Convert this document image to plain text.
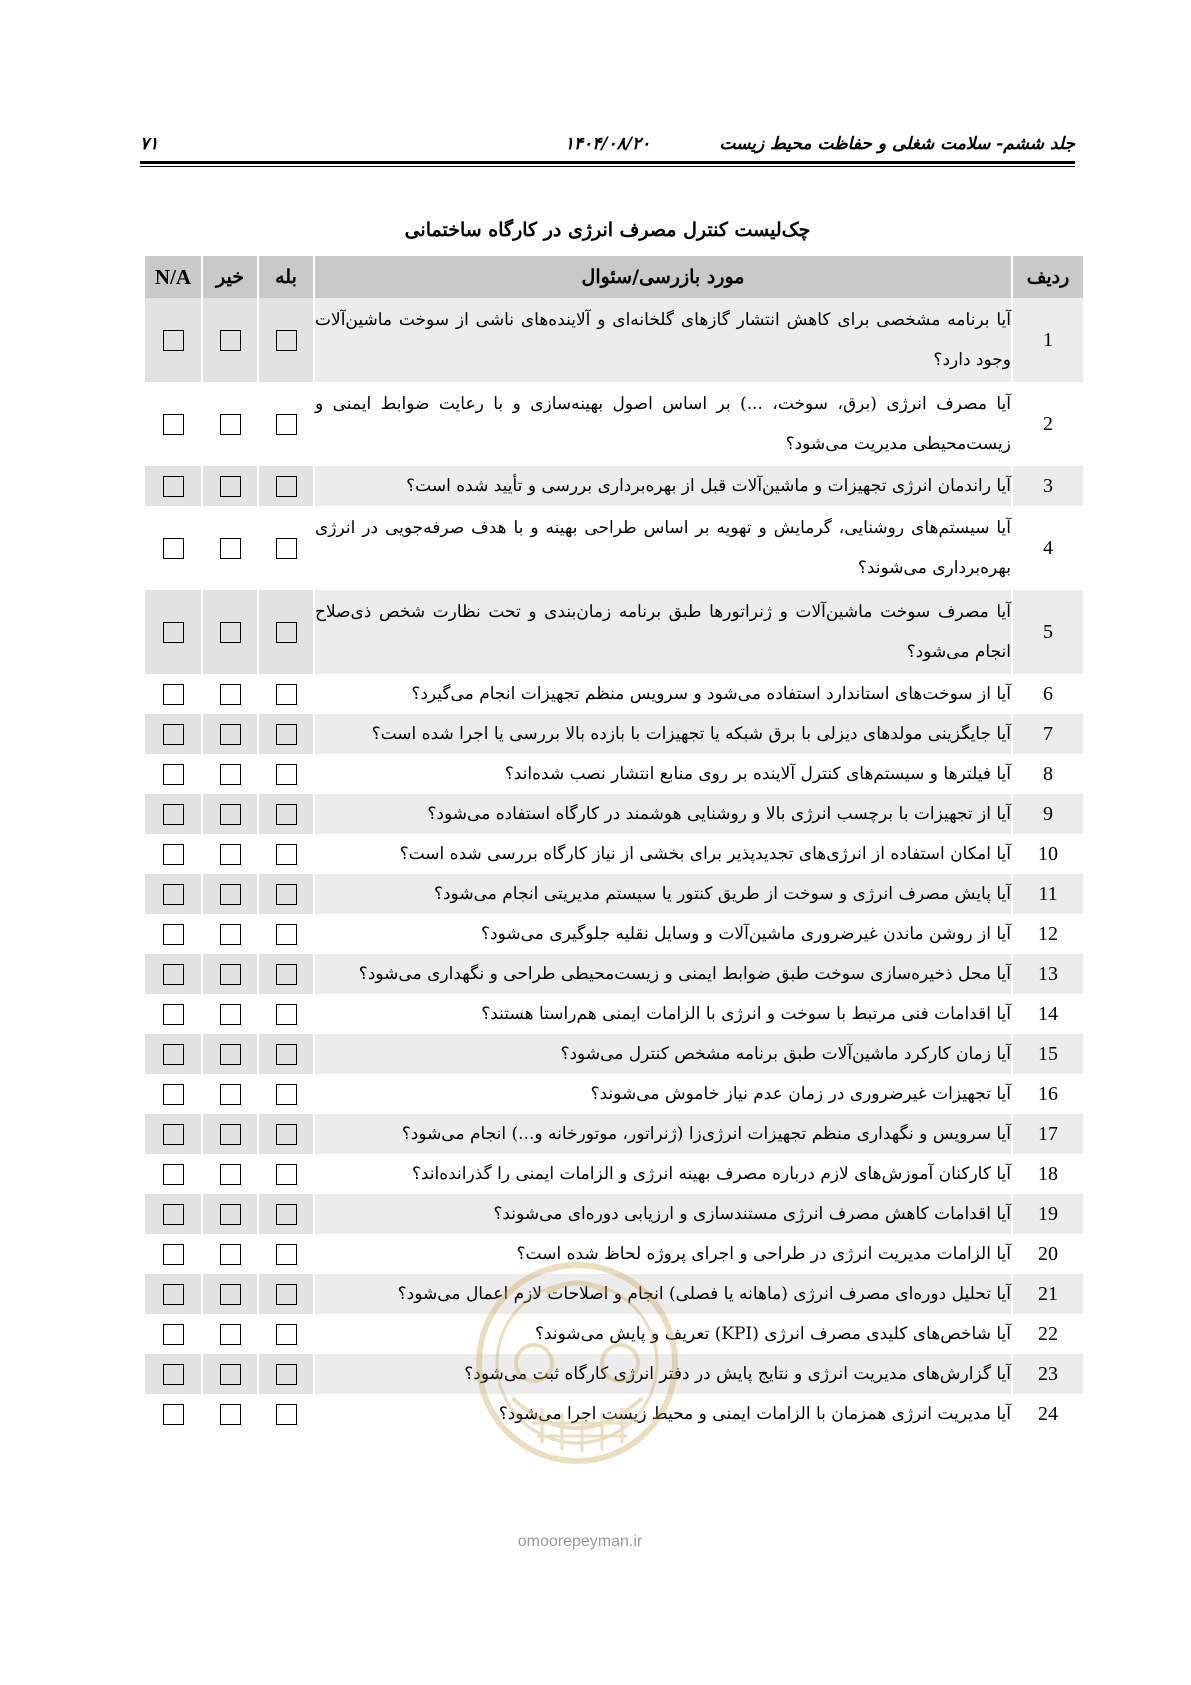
جلد ششم- سلامت شغلی و حفاظت محیط زیست
۱۴۰۴/۰۸/۲۰
۷۱
چک‌لیست کنترل مصرف انرژی در کارگاه ساختمانی
ردیف	مورد بازرسی/سئوال	بله	خیر	N/A
1	آیا برنامه مشخصی برای کاهش انتشار گازهای گلخانه‌ای و آلاینده‌های ناشی از سوخت ماشین‌آلات وجود دارد؟			
2	آیا مصرف انرژی (برق، سوخت، ...) بر اساس اصول بهینه‌سازی و با رعایت ضوابط ایمنی و زیست‌محیطی مدیریت می‌شود؟			
3	آیا راندمان انرژی تجهیزات و ماشین‌آلات قبل از بهره‌برداری بررسی و تأیید شده است؟			
4	آیا سیستم‌های روشنایی، گرمایش و تهویه بر اساس طراحی بهینه و با هدف صرفه‌جویی در انرژی بهره‌برداری می‌شوند؟			
5	آیا مصرف سوخت ماشین‌آلات و ژنراتورها طبق برنامه زمان‌بندی و تحت نظارت شخص ذی‌صلاح انجام می‌شود؟			
6	آیا از سوخت‌های استاندارد استفاده می‌شود و سرویس منظم تجهیزات انجام می‌گیرد؟			
7	آیا جایگزینی مولدهای دیزلی با برق شبکه یا تجهیزات با بازده بالا بررسی یا اجرا شده است؟			
8	آیا فیلترها و سیستم‌های کنترل آلاینده بر روی منابع انتشار نصب شده‌اند؟			
9	آیا از تجهیزات با برچسب انرژی بالا و روشنایی هوشمند در کارگاه استفاده می‌شود؟			
10	آیا امکان استفاده از انرژی‌های تجدیدپذیر برای بخشی از نیاز کارگاه بررسی شده است؟			
11	آیا پایش مصرف انرژی و سوخت از طریق کنتور یا سیستم مدیریتی انجام می‌شود؟			
12	آیا از روشن ماندن غیرضروری ماشین‌آلات و وسایل نقلیه جلوگیری می‌شود؟			
13	آیا محل ذخیره‌سازی سوخت طبق ضوابط ایمنی و زیست‌محیطی طراحی و نگهداری می‌شود؟			
14	آیا اقدامات فنی مرتبط با سوخت و انرژی با الزامات ایمنی هم‌راستا هستند؟			
15	آیا زمان کارکرد ماشین‌آلات طبق برنامه مشخص کنترل می‌شود؟			
16	آیا تجهیزات غیرضروری در زمان عدم نیاز خاموش می‌شوند؟			
17	آیا سرویس و نگهداری منظم تجهیزات انرژی‌زا (ژنراتور، موتورخانه و...) انجام می‌شود؟			
18	آیا کارکنان آموزش‌های لازم درباره مصرف بهینه انرژی و الزامات ایمنی را گذرانده‌اند؟			
19	آیا اقدامات کاهش مصرف انرژی مستندسازی و ارزیابی دوره‌ای می‌شوند؟			
20	آیا الزامات مدیریت انرژی در طراحی و اجرای پروژه لحاظ شده است؟			
21	آیا تحلیل دوره‌ای مصرف انرژی (ماهانه یا فصلی) انجام و اصلاحات لازم اعمال می‌شود؟			
22	آیا شاخص‌های کلیدی مصرف انرژی (KPI) تعریف و پایش می‌شوند؟			
23	آیا گزارش‌های مدیریت انرژی و نتایج پایش در دفتر انرژی کارگاه ثبت می‌شود؟			
24	آیا مدیریت انرژی همزمان با الزامات ایمنی و محیط زیست اجرا می‌شود؟			
omoorepeyman.ir
